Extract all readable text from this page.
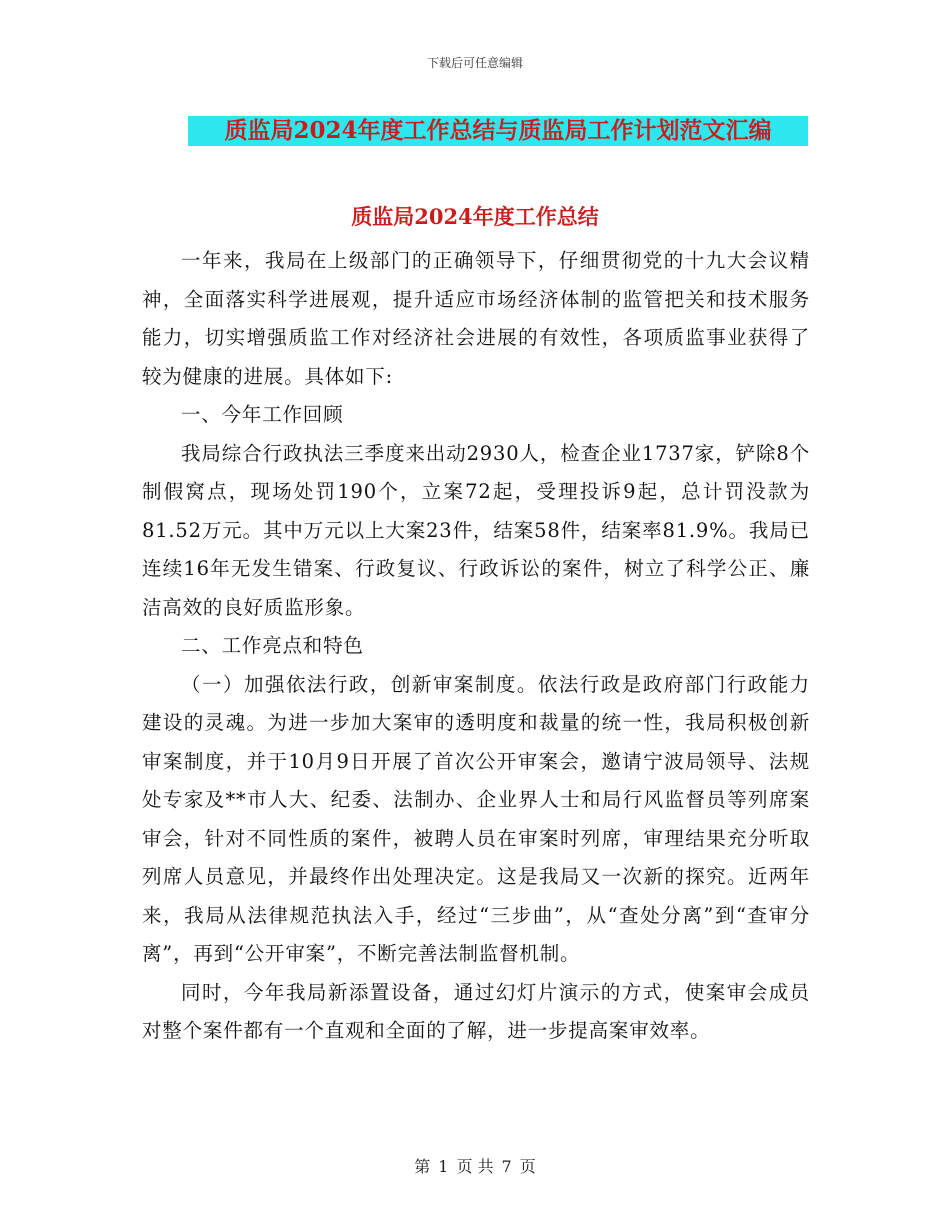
下载后可任意编辑
质监局2024年度工作总结与质监局工作计划范文汇编
质监局2024年度工作总结

一年来，我局在上级部门的正确领导下，仔细贯彻党的十九大会议精神，全面落实科学进展观，提升适应市场经济体制的监管把关和技术服务能力，切实增强质监工作对经济社会进展的有效性，各项质监事业获得了较为健康的进展。具体如下:

一、今年工作回顾

我局综合行政执法三季度来出动2930人，检查企业1737家，铲除8个制假窝点，现场处罚190个，立案72起，受理投诉9起，总计罚没款为81.52万元。其中万元以上大案23件，结案58件，结案率81.9%。我局已连续16年无发生错案、行政复议、行政诉讼的案件，树立了科学公正、廉洁高效的良好质监形象。

二、工作亮点和特色

（一）加强依法行政，创新审案制度。依法行政是政府部门行政能力建设的灵魂。为进一步加大案审的透明度和裁量的统一性，我局积极创新审案制度，并于10月9日开展了首次公开审案会，邀请宁波局领导、法规处专家及**市人大、纪委、法制办、企业界人士和局行风监督员等列席案审会，针对不同性质的案件，被聘人员在审案时列席，审理结果充分听取列席人员意见，并最终作出处理决定。这是我局又一次新的探究。近两年来，我局从法律规范执法入手，经过“三步曲”，从“查处分离”到“查审分离”，再到“公开审案”，不断完善法制监督机制。

同时，今年我局新添置设备，通过幻灯片演示的方式，使案审会成员对整个案件都有一个直观和全面的了解，进一步提高案审效率。

第 1 页 共 7 页
